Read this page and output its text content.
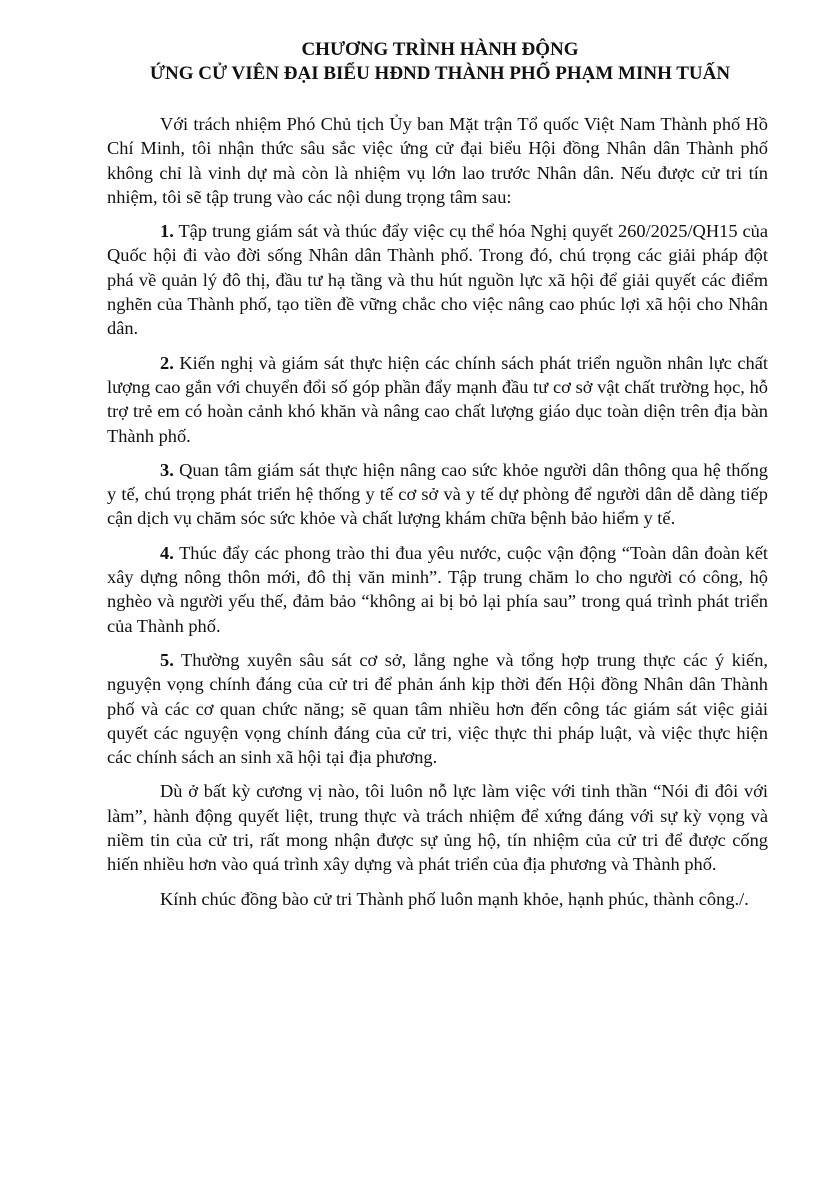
CHƯƠNG TRÌNH HÀNH ĐỘNG

ỨNG CỬ VIÊN ĐẠI BIỂU HĐND THÀNH PHỐ PHẠM MINH TUẤN

Với trách nhiệm Phó Chủ tịch Ủy ban Mặt trận Tổ quốc Việt Nam Thành phố Hồ Chí Minh, tôi nhận thức sâu sắc việc ứng cử đại biểu Hội đồng Nhân dân Thành phố không chỉ là vinh dự mà còn là nhiệm vụ lớn lao trước Nhân dân. Nếu được cử tri tín nhiệm, tôi sẽ tập trung vào các nội dung trọng tâm sau:

1. Tập trung giám sát và thúc đẩy việc cụ thể hóa Nghị quyết 260/2025/QH15 của Quốc hội đi vào đời sống Nhân dân Thành phố. Trong đó, chú trọng các giải pháp đột phá về quản lý đô thị, đầu tư hạ tầng và thu hút nguồn lực xã hội để giải quyết các điểm nghẽn của Thành phố, tạo tiền đề vững chắc cho việc nâng cao phúc lợi xã hội cho Nhân dân.

2. Kiến nghị và giám sát thực hiện các chính sách phát triển nguồn nhân lực chất lượng cao gắn với chuyển đổi số góp phần đẩy mạnh đầu tư cơ sở vật chất trường học, hỗ trợ trẻ em có hoàn cảnh khó khăn và nâng cao chất lượng giáo dục toàn diện trên địa bàn Thành phố.

3. Quan tâm giám sát thực hiện nâng cao sức khỏe người dân thông qua hệ thống y tế, chú trọng phát triển hệ thống y tế cơ sở và y tế dự phòng để người dân dễ dàng tiếp cận dịch vụ chăm sóc sức khỏe và chất lượng khám chữa bệnh bảo hiểm y tế.

4. Thúc đẩy các phong trào thi đua yêu nước, cuộc vận động “Toàn dân đoàn kết xây dựng nông thôn mới, đô thị văn minh”. Tập trung chăm lo cho người có công, hộ nghèo và người yếu thế, đảm bảo “không ai bị bỏ lại phía sau” trong quá trình phát triển của Thành phố.

5. Thường xuyên sâu sát cơ sở, lắng nghe và tổng hợp trung thực các ý kiến, nguyện vọng chính đáng của cử tri để phản ánh kịp thời đến Hội đồng Nhân dân Thành phố và các cơ quan chức năng; sẽ quan tâm nhiều hơn đến công tác giám sát việc giải quyết các nguyện vọng chính đáng của cử tri, việc thực thi pháp luật, và việc thực hiện các chính sách an sinh xã hội tại địa phương.

Dù ở bất kỳ cương vị nào, tôi luôn nỗ lực làm việc với tinh thần “Nói đi đôi với làm”, hành động quyết liệt, trung thực và trách nhiệm để xứng đáng với sự kỳ vọng và niềm tin của cử tri, rất mong nhận được sự ủng hộ, tín nhiệm của cử tri để được cống hiến nhiều hơn vào quá trình xây dựng và phát triển của địa phương và Thành phố.

Kính chúc đồng bào cử tri Thành phố luôn mạnh khỏe, hạnh phúc, thành công./.
